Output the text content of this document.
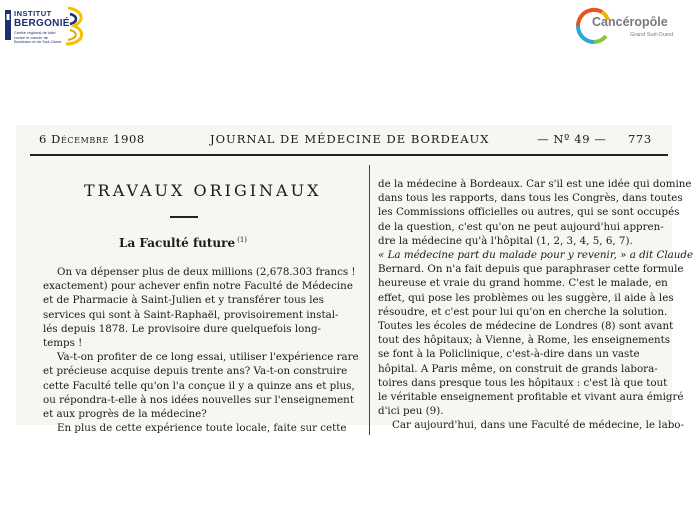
INSTITUT
BERGONIÉ
Centre régional de lutte contre le cancer de Bordeaux et du Sud-Ouest
Cancéropôle
Grand Sud-Ouest
6 Décembre 1908	JOURNAL DE MÉDECINE DE BORDEAUX	— Nº 49 — 773
TRAVAUX ORIGINAUX
La Faculté future $^{(1)}$
On va dépenser plus de deux millions (2,678.303 francs !
exactement) pour achever enfin notre Faculté de Médecine
et de Pharmacie à Saint-Julien et y transférer tous les
services qui sont à Saint-Raphaël, provisoirement instal-
lés depuis 1878. Le provisoire dure quelquefois long-
temps !
Va-t-on profiter de ce long essai, utiliser l'expérience rare
et précieuse acquise depuis trente ans? Va-t-on construire
cette Faculté telle qu'on l'a conçue il y a quinze ans et plus,
ou répondra-t-elle à nos idées nouvelles sur l'enseignement
et aux progrès de la médecine?
En plus de cette expérience toute locale, faite sur cette
de la médecine à Bordeaux. Car s'il est une idée qui domine
dans tous les rapports, dans tous les Congrès, dans toutes
les Commissions officielles ou autres, qui se sont occupés
de la question, c'est qu'on ne peut aujourd'hui appren-
dre la médecine qu'à l'hôpital (1, 2, 3, 4, 5, 6, 7).
« La médecine part du malade pour y revenir, » a dit Claude
Bernard. On n'a fait depuis que paraphraser cette formule
heureuse et vraie du grand homme. C'est le malade, en
effet, qui pose les problèmes ou les suggère, il aide à les
résoudre, et c'est pour lui qu'on en cherche la solution.
Toutes les écoles de médecine de Londres (8) sont avant
tout des hôpitaux; à Vienne, à Rome, les enseignements
se font à la Policlinique, c'est-à-dire dans un vaste
hôpital. A Paris même, on construit de grands labora-
toires dans presque tous les hôpitaux : c'est là que tout
le véritable enseignement profitable et vivant aura émigré
d'ici peu (9).
Car aujourd'hui, dans une Faculté de médecine, le labo-
